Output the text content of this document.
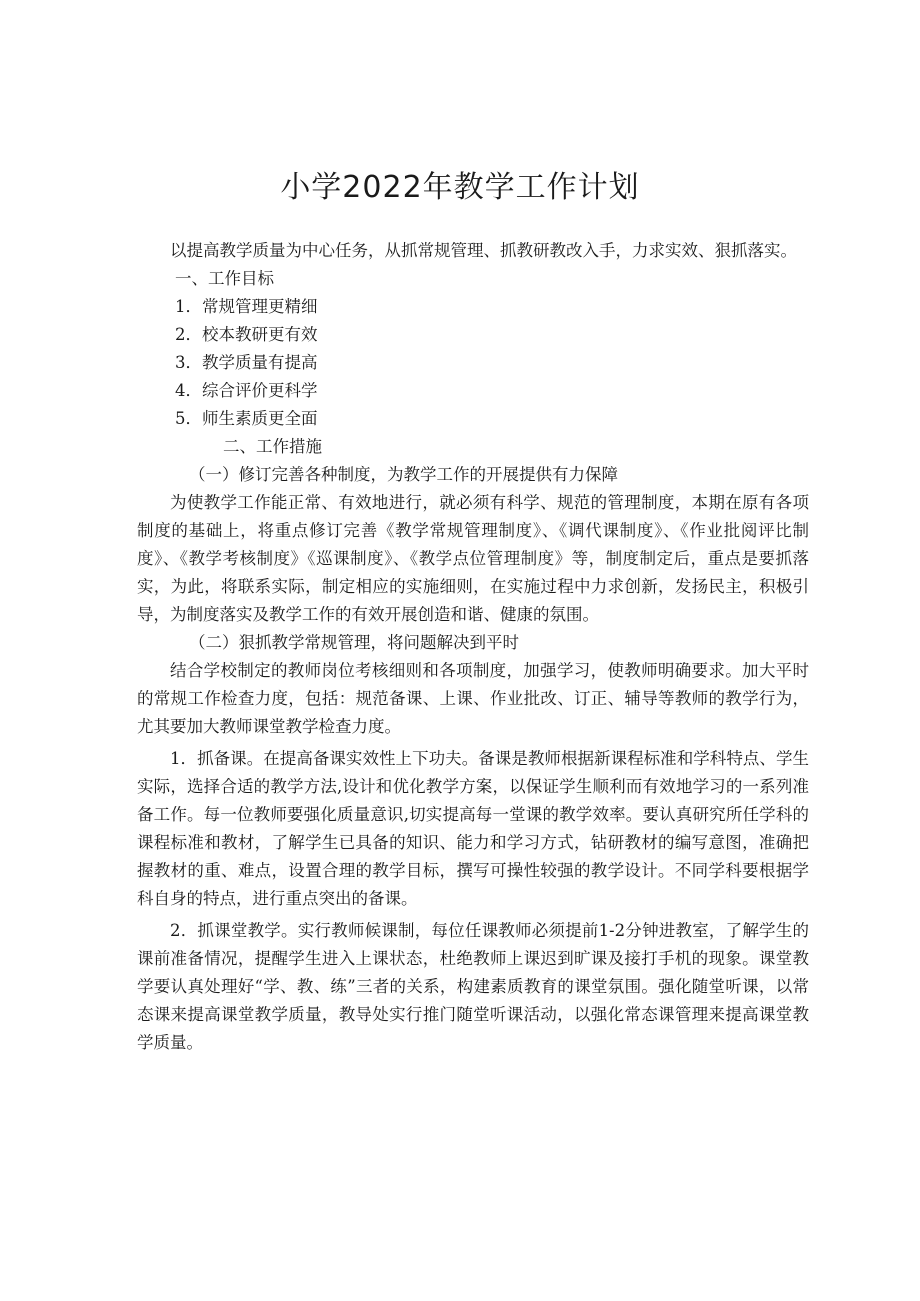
小学2022年教学工作计划

以提高教学质量为中心任务，从抓常规管理、抓教研教改入手，力求实效、狠抓落实。

一、工作目标

1．常规管理更精细

2．校本教研更有效

3．教学质量有提高

4．综合评价更科学

5．师生素质更全面

二、工作措施

（一）修订完善各种制度，为教学工作的开展提供有力保障

为使教学工作能正常、有效地进行，就必须有科学、规范的管理制度，本期在原有各项制度的基础上，将重点修订完善《教学常规管理制度》、《调代课制度》、《作业批阅评比制度》、《教学考核制度》《巡课制度》、《教学点位管理制度》等，制度制定后，重点是要抓落实，为此，将联系实际，制定相应的实施细则，在实施过程中力求创新，发扬民主，积极引导，为制度落实及教学工作的有效开展创造和谐、健康的氛围。

（二）狠抓教学常规管理，将问题解决到平时

结合学校制定的教师岗位考核细则和各项制度，加强学习，使教师明确要求。加大平时的常规工作检查力度，包括：规范备课、上课、作业批改、订正、辅导等教师的教学行为，尤其要加大教师课堂教学检查力度。

1．抓备课。在提高备课实效性上下功夫。备课是教师根据新课程标准和学科特点、学生实际，选择合适的教学方法,设计和优化教学方案，以保证学生顺利而有效地学习的一系列准备工作。每一位教师要强化质量意识,切实提高每一堂课的教学效率。要认真研究所任学科的课程标准和教材，了解学生已具备的知识、能力和学习方式，钻研教材的编写意图，准确把握教材的重、难点，设置合理的教学目标，撰写可操性较强的教学设计。不同学科要根据学科自身的特点，进行重点突出的备课。

2．抓课堂教学。实行教师候课制，每位任课教师必须提前1-2分钟进教室，了解学生的课前准备情况，提醒学生进入上课状态，杜绝教师上课迟到旷课及接打手机的现象。课堂教学要认真处理好“学、教、练”三者的关系，构建素质教育的课堂氛围。强化随堂听课，以常态课来提高课堂教学质量，教导处实行推门随堂听课活动，以强化常态课管理来提高课堂教学质量。
